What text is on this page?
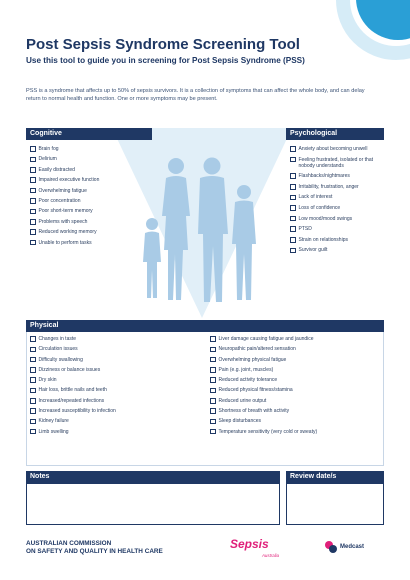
Post Sepsis Syndrome Screening Tool
Use this tool to guide you in screening for Post Sepsis Syndrome (PSS)
PSS is a syndrome that affects up to 50% of sepsis survivors. It is a collection of symptoms that can affect the whole body, and can delay return to normal health and function. One or more symptoms may be present.
Cognitive
Brain fog
Delirium
Easily distracted
Impaired executive function
Overwhelming fatigue
Poor concentration
Poor short-term memory
Problems with speech
Reduced working memory
Unable to perform tasks
Psychological
Anxiety about becoming unwell
Feeling frustrated, isolated or that nobody understands
Flashbacks/nightmares
Irritability, frustration, anger
Lack of interest
Loss of confidence
Low mood/mood swings
PTSD
Strain on relationships
Survivor guilt
Physical
Changes in taste
Circulation issues
Difficulty swallowing
Dizziness or balance issues
Dry skin
Hair loss, brittle nails and teeth
Increased/repeated infections
Increased susceptibility to infection
Kidney failure
Limb swelling
Liver damage causing fatigue and jaundice
Neuropathic pain/altered sensation
Overwhelming physical fatigue
Pain (e.g. joint, muscles)
Reduced activity tolerance
Reduced physical fitness/stamina
Reduced urine output
Shortness of breath with activity
Sleep disturbances
Temperature sensitivity (very cold or sweaty)
Notes	Review date/s
AUSTRALIAN COMMISSION
ON SAFETY AND QUALITY IN HEALTH CARE
Sepsis
Australia
Medcast
